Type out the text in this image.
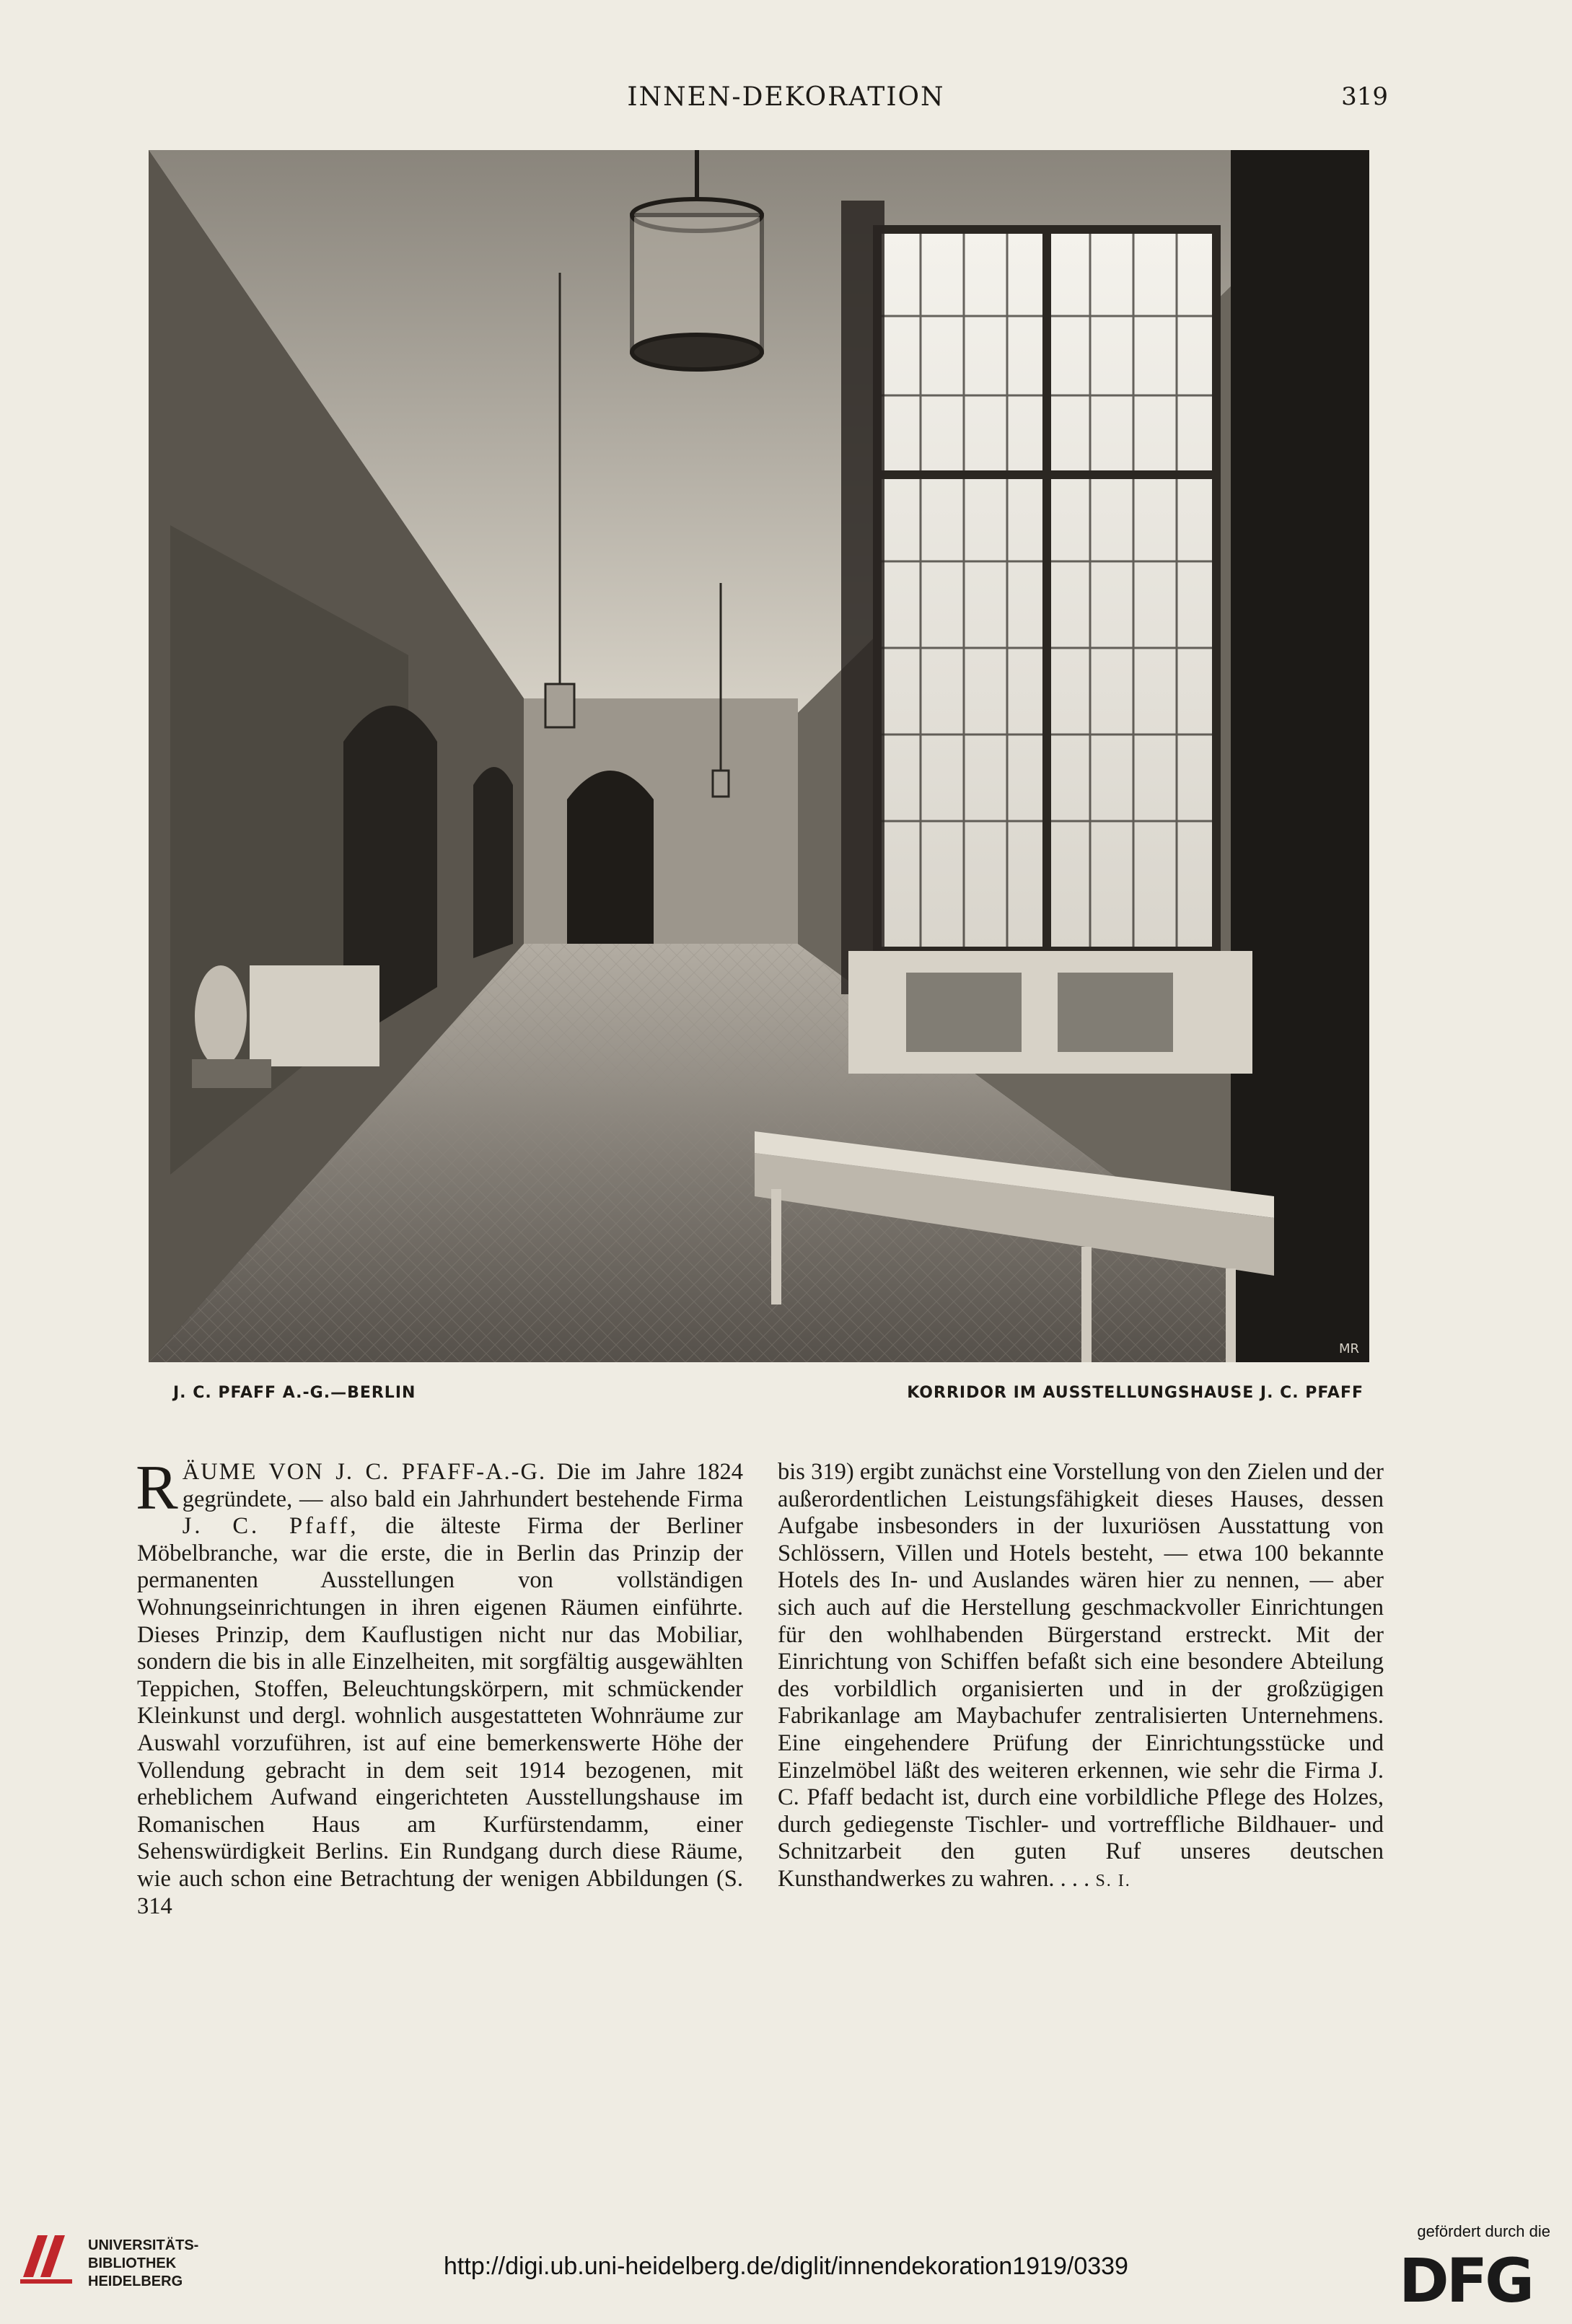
INNEN-DEKORATION	319
MR
J. C. PFAFF A.-G.—BERLIN	KORRIDOR IM AUSSTELLUNGSHAUSE J. C. PFAFF
RÄUME VON J. C. PFAFF-A.-G. Die im Jahre 1824 gegründete, — also bald ein Jahrhundert bestehende Firma J. C. Pfaff, die älteste Firma der Berliner Möbelbranche, war die erste, die in Berlin das Prinzip der permanenten Ausstellungen von vollständigen Wohnungseinrichtungen in ihren eigenen Räumen einführte. Dieses Prinzip, dem Kauflustigen nicht nur das Mobiliar, sondern die bis in alle Einzelheiten, mit sorgfältig ausgewählten Teppichen, Stoffen, Beleuchtungskörpern, mit schmückender Kleinkunst und dergl. wohnlich ausgestatteten Wohnräume zur Auswahl vorzuführen, ist auf eine bemerkenswerte Höhe der Vollendung gebracht in dem seit 1914 bezogenen, mit erheblichem Aufwand eingerichteten Ausstellungshause im Romanischen Haus am Kurfürstendamm, einer Sehenswürdigkeit Berlins. Ein Rundgang durch diese Räume, wie auch schon eine Betrachtung der wenigen Abbildungen (S. 314
bis 319) ergibt zunächst eine Vorstellung von den Zielen und der außerordentlichen Leistungsfähigkeit dieses Hauses, dessen Aufgabe insbesonders in der luxuriösen Ausstattung von Schlössern, Villen und Hotels besteht, — etwa 100 bekannte Hotels des In- und Auslandes wären hier zu nennen, — aber sich auch auf die Herstellung geschmackvoller Einrichtungen für den wohlhabenden Bürgerstand erstreckt. Mit der Einrichtung von Schiffen befaßt sich eine besondere Abteilung des vorbildlich organisierten und in der großzügigen Fabrikanlage am Maybachufer zentralisierten Unternehmens. Eine eingehendere Prüfung der Einrichtungsstücke und Einzelmöbel läßt des weiteren erkennen, wie sehr die Firma J. C. Pfaff bedacht ist, durch eine vorbildliche Pflege des Holzes, durch gediegenste Tischler- und vortreffliche Bildhauer- und Schnitzarbeit den guten Ruf unseres deutschen Kunsthandwerkes zu wahren. . . . S. I.
UNIVERSITÄTS-
BIBLIOTHEK
HEIDELBERG
http://digi.ub.uni-heidelberg.de/diglit/innendekoration1919/0339
gefördert durch die
DFG
